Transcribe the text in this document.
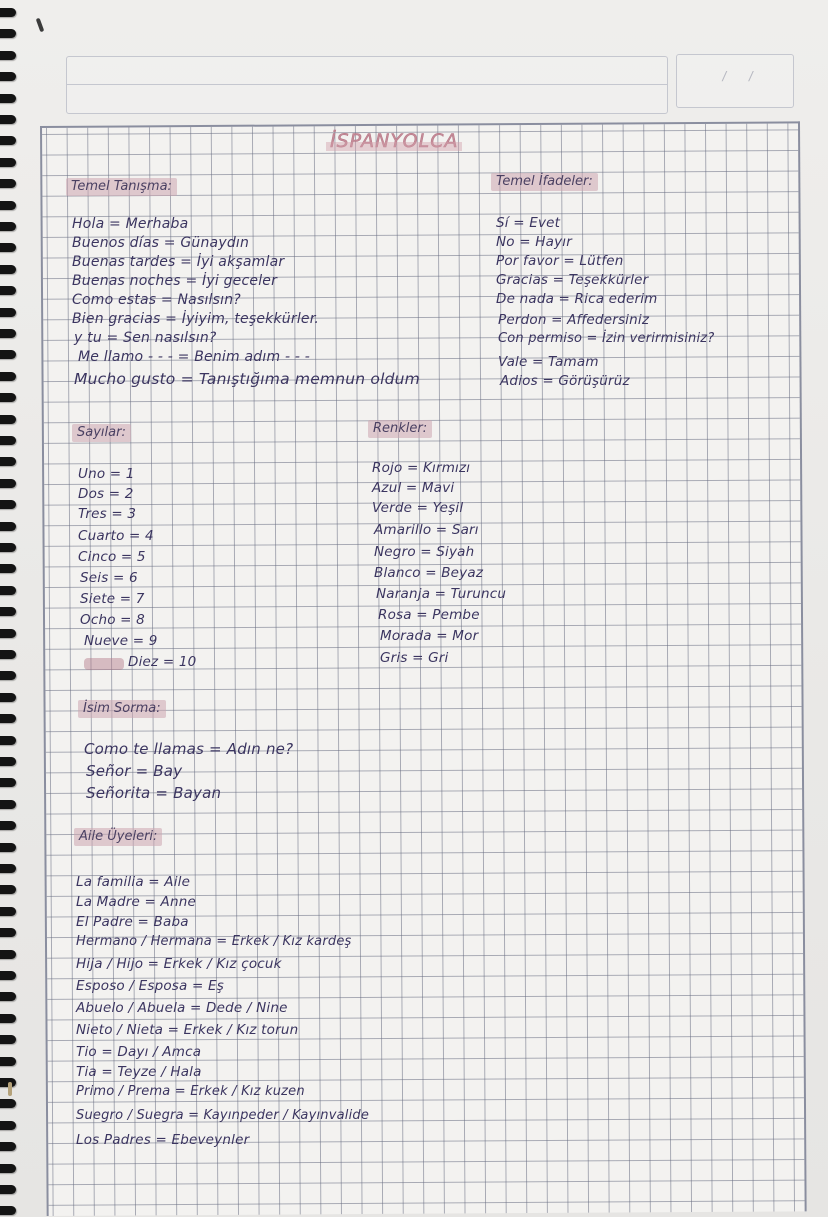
/ /
İSPANYOLCA
Temel Tanışma:
Hola = Merhaba
Buenos días = Günaydın
Buenas tardes = İyi akşamlar
Buenas noches = İyi geceler
Como estas = Nasılsın?
Bien gracias = İyiyim, teşekkürler.
y tu = Sen nasılsın?
Me llamo - - - = Benim adım - - -
Mucho gusto = Tanıştığıma memnun oldum
Temel İfadeler:
Sí = Evet
No = Hayır
Por favor = Lütfen
Gracias = Teşekkürler
De nada = Rica ederim
Perdon = Affedersiniz
Con permiso = İzin verirmisiniz?
Vale = Tamam
Adios = Görüşürüz
Sayılar:
Uno = 1
Dos = 2
Tres = 3
Cuarto = 4
Cinco = 5
Seis = 6
Siete = 7
Ocho = 8
Nueve = 9
Diez = 10
Renkler:
Rojo = Kırmızı
Azul = Mavi
Verde = Yeşil
Amarillo = Sarı
Negro = Siyah
Blanco = Beyaz
Naranja = Turuncu
Rosa = Pembe
Morada = Mor
Gris = Gri
İsim Sorma:
Como te llamas = Adın ne?
Señor = Bay
Señorita = Bayan
Aile Üyeleri:
La familia = Aile
La Madre = Anne
El Padre = Baba
Hermano / Hermana = Erkek / Kız kardeş
Hija / Hijo = Erkek / Kız çocuk
Esposo / Esposa = Eş
Abuelo / Abuela = Dede / Nine
Nieto / Nieta = Erkek / Kız torun
Tio = Dayı / Amca
Tia = Teyze / Hala
Primo / Prema = Erkek / Kız kuzen
Suegro / Suegra = Kayınpeder / Kayınvalide
Los Padres = Ebeveynler
